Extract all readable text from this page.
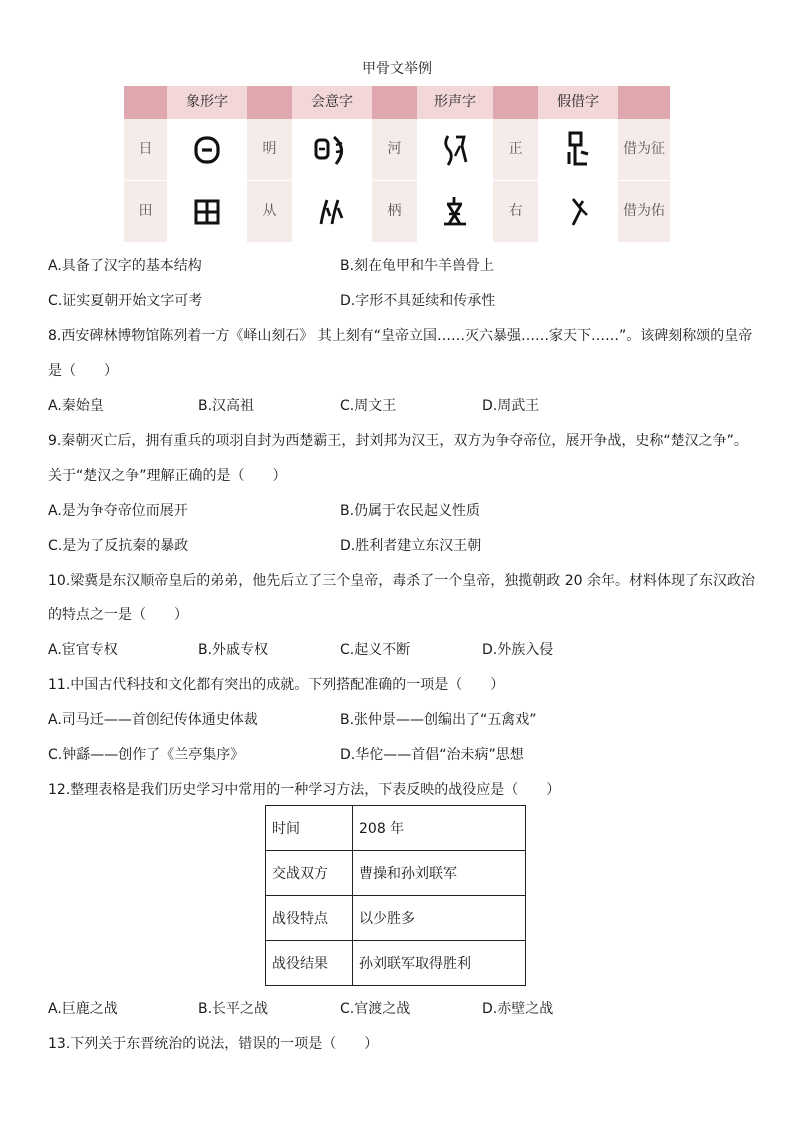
甲骨文举例
象形字	会意字	形声字	假借字
日	明	河	正	借为征
田	从	柄	右	借为佑
A.具备了汉字的基本结构	B.刻在龟甲和牛羊兽骨上
C.证实夏朝开始文字可考	D.字形不具延续和传承性
8.西安碑林博物馆陈列着一方《峄山刻石》 其上刻有“皇帝立国……灭六暴强……家天下……”。该碑刻称颂的皇帝
是（　　）
A.秦始皇	B.汉高祖	C.周文王	D.周武王
9.秦朝灭亡后，拥有重兵的项羽自封为西楚霸王，封刘邦为汉王，双方为争夺帝位，展开争战，史称“楚汉之争”。
关于“楚汉之争”理解正确的是（　　）
A.是为争夺帝位而展开	B.仍属于农民起义性质
C.是为了反抗秦的暴政	D.胜利者建立东汉王朝
10.梁冀是东汉顺帝皇后的弟弟，他先后立了三个皇帝，毒杀了一个皇帝，独揽朝政 20 余年。材料体现了东汉政治
的特点之一是（　　）
A.宦官专权	B.外戚专权	C.起义不断	D.外族入侵
11.中国古代科技和文化都有突出的成就。下列搭配准确的一项是（　　）
A.司马迁——首创纪传体通史体裁	B.张仲景——创编出了“五禽戏”
C.钟繇——创作了《兰亭集序》	D.华佗——首倡“治未病”思想
12.整理表格是我们历史学习中常用的一种学习方法，下表反映的战役应是（　　）
时间	208 年
交战双方	曹操和孙刘联军
战役特点	以少胜多
战役结果	孙刘联军取得胜利
A.巨鹿之战	B.长平之战	C.官渡之战	D.赤壁之战
13.下列关于东晋统治的说法，错误的一项是（　　）
